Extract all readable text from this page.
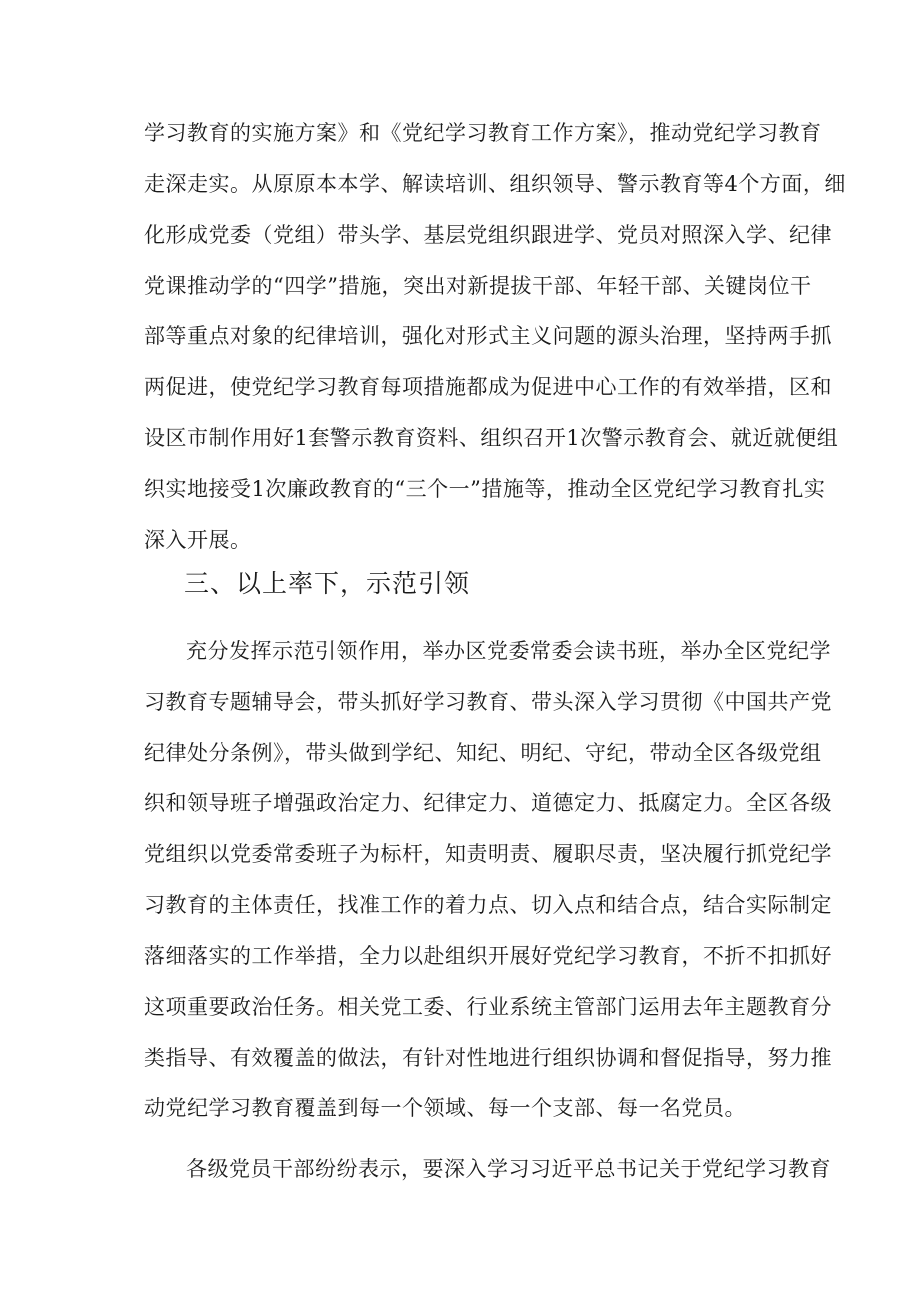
学习教育的实施方案》和《党纪学习教育工作方案》，推动党纪学习教育
走深走实。从原原本本学、解读培训、组织领导、警示教育等4个方面，细
化形成党委（党组）带头学、基层党组织跟进学、党员对照深入学、纪律
党课推动学的“四学”措施，突出对新提拔干部、年轻干部、关键岗位干
部等重点对象的纪律培训，强化对形式主义问题的源头治理，坚持两手抓
两促进，使党纪学习教育每项措施都成为促进中心工作的有效举措，区和
设区市制作用好1套警示教育资料、组织召开1次警示教育会、就近就便组
织实地接受1次廉政教育的“三个一”措施等，推动全区党纪学习教育扎实
深入开展。
三、以上率下，示范引领
充分发挥示范引领作用，举办区党委常委会读书班，举办全区党纪学
习教育专题辅导会，带头抓好学习教育、带头深入学习贯彻《中国共产党
纪律处分条例》，带头做到学纪、知纪、明纪、守纪，带动全区各级党组
织和领导班子增强政治定力、纪律定力、道德定力、抵腐定力。全区各级
党组织以党委常委班子为标杆，知责明责、履职尽责，坚决履行抓党纪学
习教育的主体责任，找准工作的着力点、切入点和结合点，结合实际制定
落细落实的工作举措，全力以赴组织开展好党纪学习教育，不折不扣抓好
这项重要政治任务。相关党工委、行业系统主管部门运用去年主题教育分
类指导、有效覆盖的做法，有针对性地进行组织协调和督促指导，努力推
动党纪学习教育覆盖到每一个领域、每一个支部、每一名党员。
各级党员干部纷纷表示，要深入学习习近平总书记关于党纪学习教育
